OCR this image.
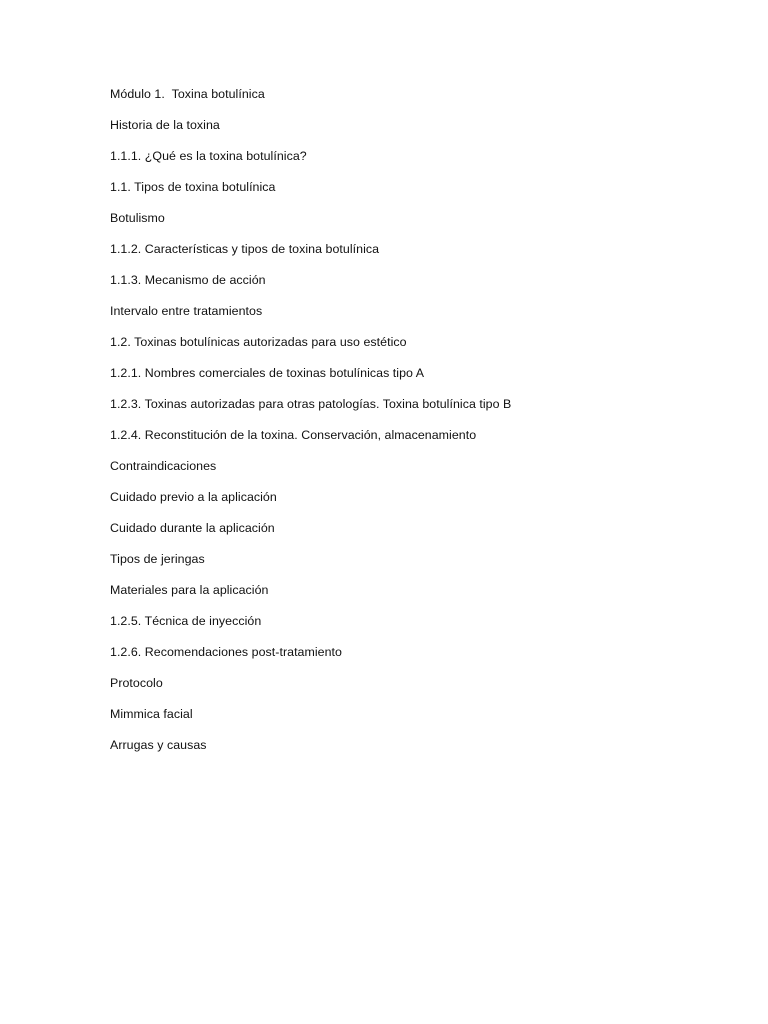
Módulo 1.  Toxina botulínica
Historia de la toxina
1.1.1. ¿Qué es la toxina botulínica?
1.1. Tipos de toxina botulínica
Botulismo
1.1.2. Características y tipos de toxina botulínica
1.1.3. Mecanismo de acción
Intervalo entre tratamientos
1.2. Toxinas botulínicas autorizadas para uso estético
1.2.1. Nombres comerciales de toxinas botulínicas tipo A
1.2.3. Toxinas autorizadas para otras patologías. Toxina botulínica tipo B
1.2.4. Reconstitución de la toxina. Conservación, almacenamiento
Contraindicaciones
Cuidado previo a la aplicación
Cuidado durante la aplicación
Tipos de jeringas
Materiales para la aplicación
1.2.5. Técnica de inyección
1.2.6. Recomendaciones post-tratamiento
Protocolo
Mimmica facial
Arrugas y causas
